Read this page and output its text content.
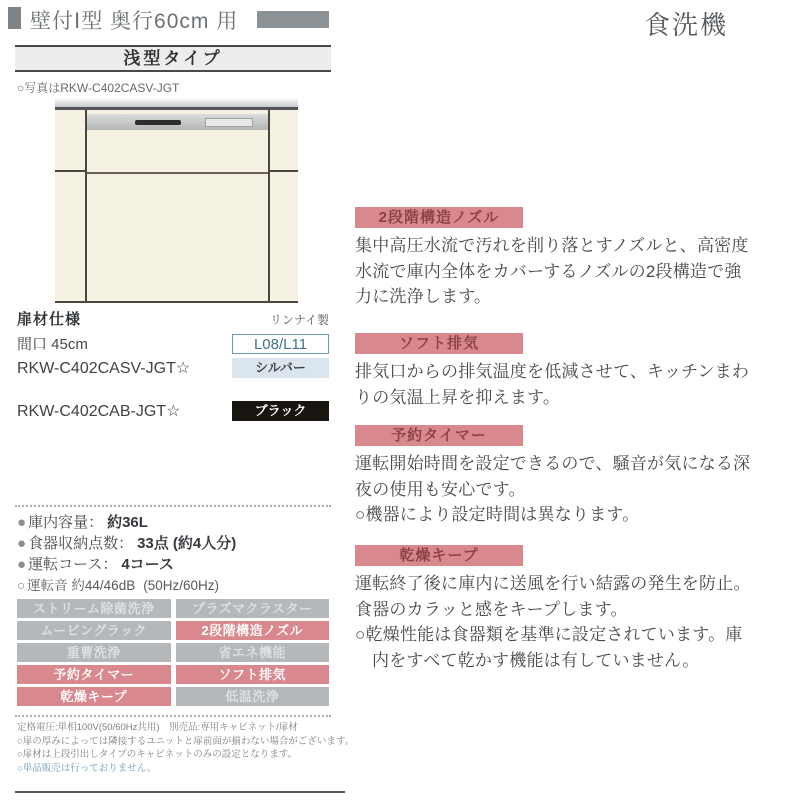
壁付Ⅰ型 奥行60cm 用	食洗機
浅型タイプ
○写真はRKW-C402CASV-JGT
扉材仕様	リンナイ製
間口 45cm	L08/L11
RKW-C402CASV-JGT☆	シルバー
RKW-C402CAB-JGT☆	ブラック
● 庫内容量： 約36L
● 食器収納点数： 33点 (約4人分)
● 運転コース： 4コース
○ 運転音 約44/46dB (50Hz/60Hz)
ストリーム除菌洗浄	プラズマクラスター
ムービングラック	2段階構造ノズル
重曹洗浄	省エネ機能
予約タイマー	ソフト排気
乾燥キープ	低温洗浄
定格電圧:単相100V(50/60Hz共用)　別売品:専用キャビネット/扉材
○扉の厚みによっては隣接するユニットと扉前面が揃わない場合がございます。
○扉材は上段引出しタイプのキャビネットのみの設定となります。
○単品販売は行っておりません。
2段階構造ノズル
集中高圧水流で汚れを削り落とすノズルと、高密度水流で庫内全体をカバーするノズルの2段構造で強力に洗浄します。
ソフト排気
排気口からの排気温度を低減させて、キッチンまわりの気温上昇を抑えます。
予約タイマー
運転開始時間を設定できるので、騒音が気になる深夜の使用も安心です。
○機器により設定時間は異なります。
乾燥キープ
運転終了後に庫内に送風を行い結露の発生を防止。食器のカラッと感をキープします。
○乾燥性能は食器類を基準に設定されています。庫内をすべて乾かす機能は有していません。
